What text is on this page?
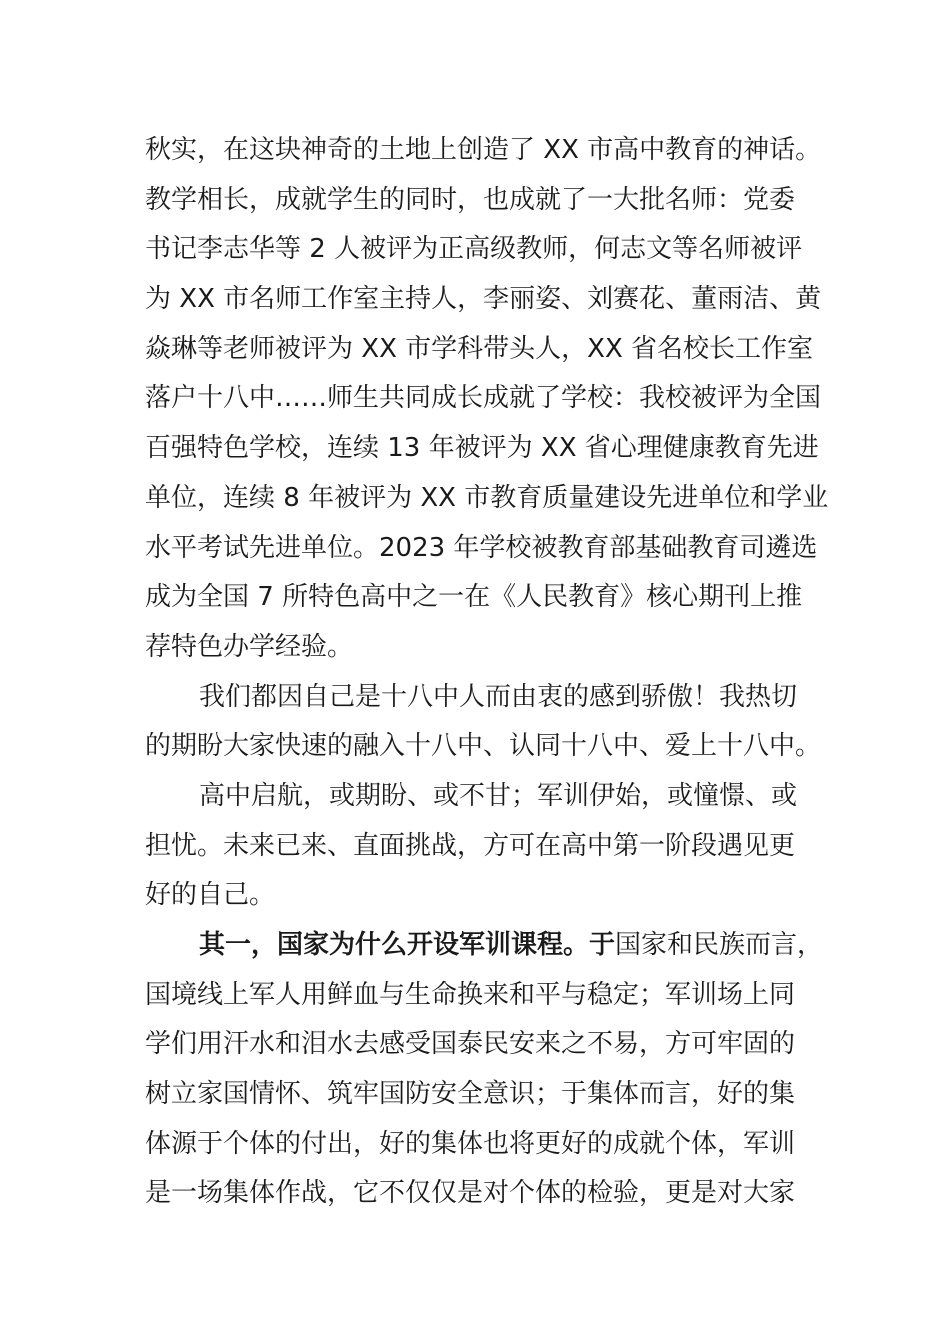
秋实，在这块神奇的土地上创造了 XX 市高中教育的神话。
教学相长，成就学生的同时，也成就了一大批名师：党委
书记李志华等 2 人被评为正高级教师，何志文等名师被评
为 XX 市名师工作室主持人，李丽姿、刘赛花、董雨洁、黄
焱琳等老师被评为 XX 市学科带头人，XX 省名校长工作室
落户十八中……师生共同成长成就了学校：我校被评为全国
百强特色学校，连续 13 年被评为 XX 省心理健康教育先进
单位，连续 8 年被评为 XX 市教育质量建设先进单位和学业
水平考试先进单位。2023 年学校被教育部基础教育司遴选
成为全国 7 所特色高中之一在《人民教育》核心期刊上推
荐特色办学经验。
我们都因自己是十八中人而由衷的感到骄傲！我热切
的期盼大家快速的融入十八中、认同十八中、爱上十八中。
高中启航，或期盼、或不甘；军训伊始，或憧憬、或
担忧。未来已来、直面挑战，方可在高中第一阶段遇见更
好的自己。
其一，国家为什么开设军训课程。于国家和民族而言，
国境线上军人用鲜血与生命换来和平与稳定；军训场上同
学们用汗水和泪水去感受国泰民安来之不易，方可牢固的
树立家国情怀、筑牢国防安全意识；于集体而言，好的集
体源于个体的付出，好的集体也将更好的成就个体，军训
是一场集体作战，它不仅仅是对个体的检验，更是对大家
